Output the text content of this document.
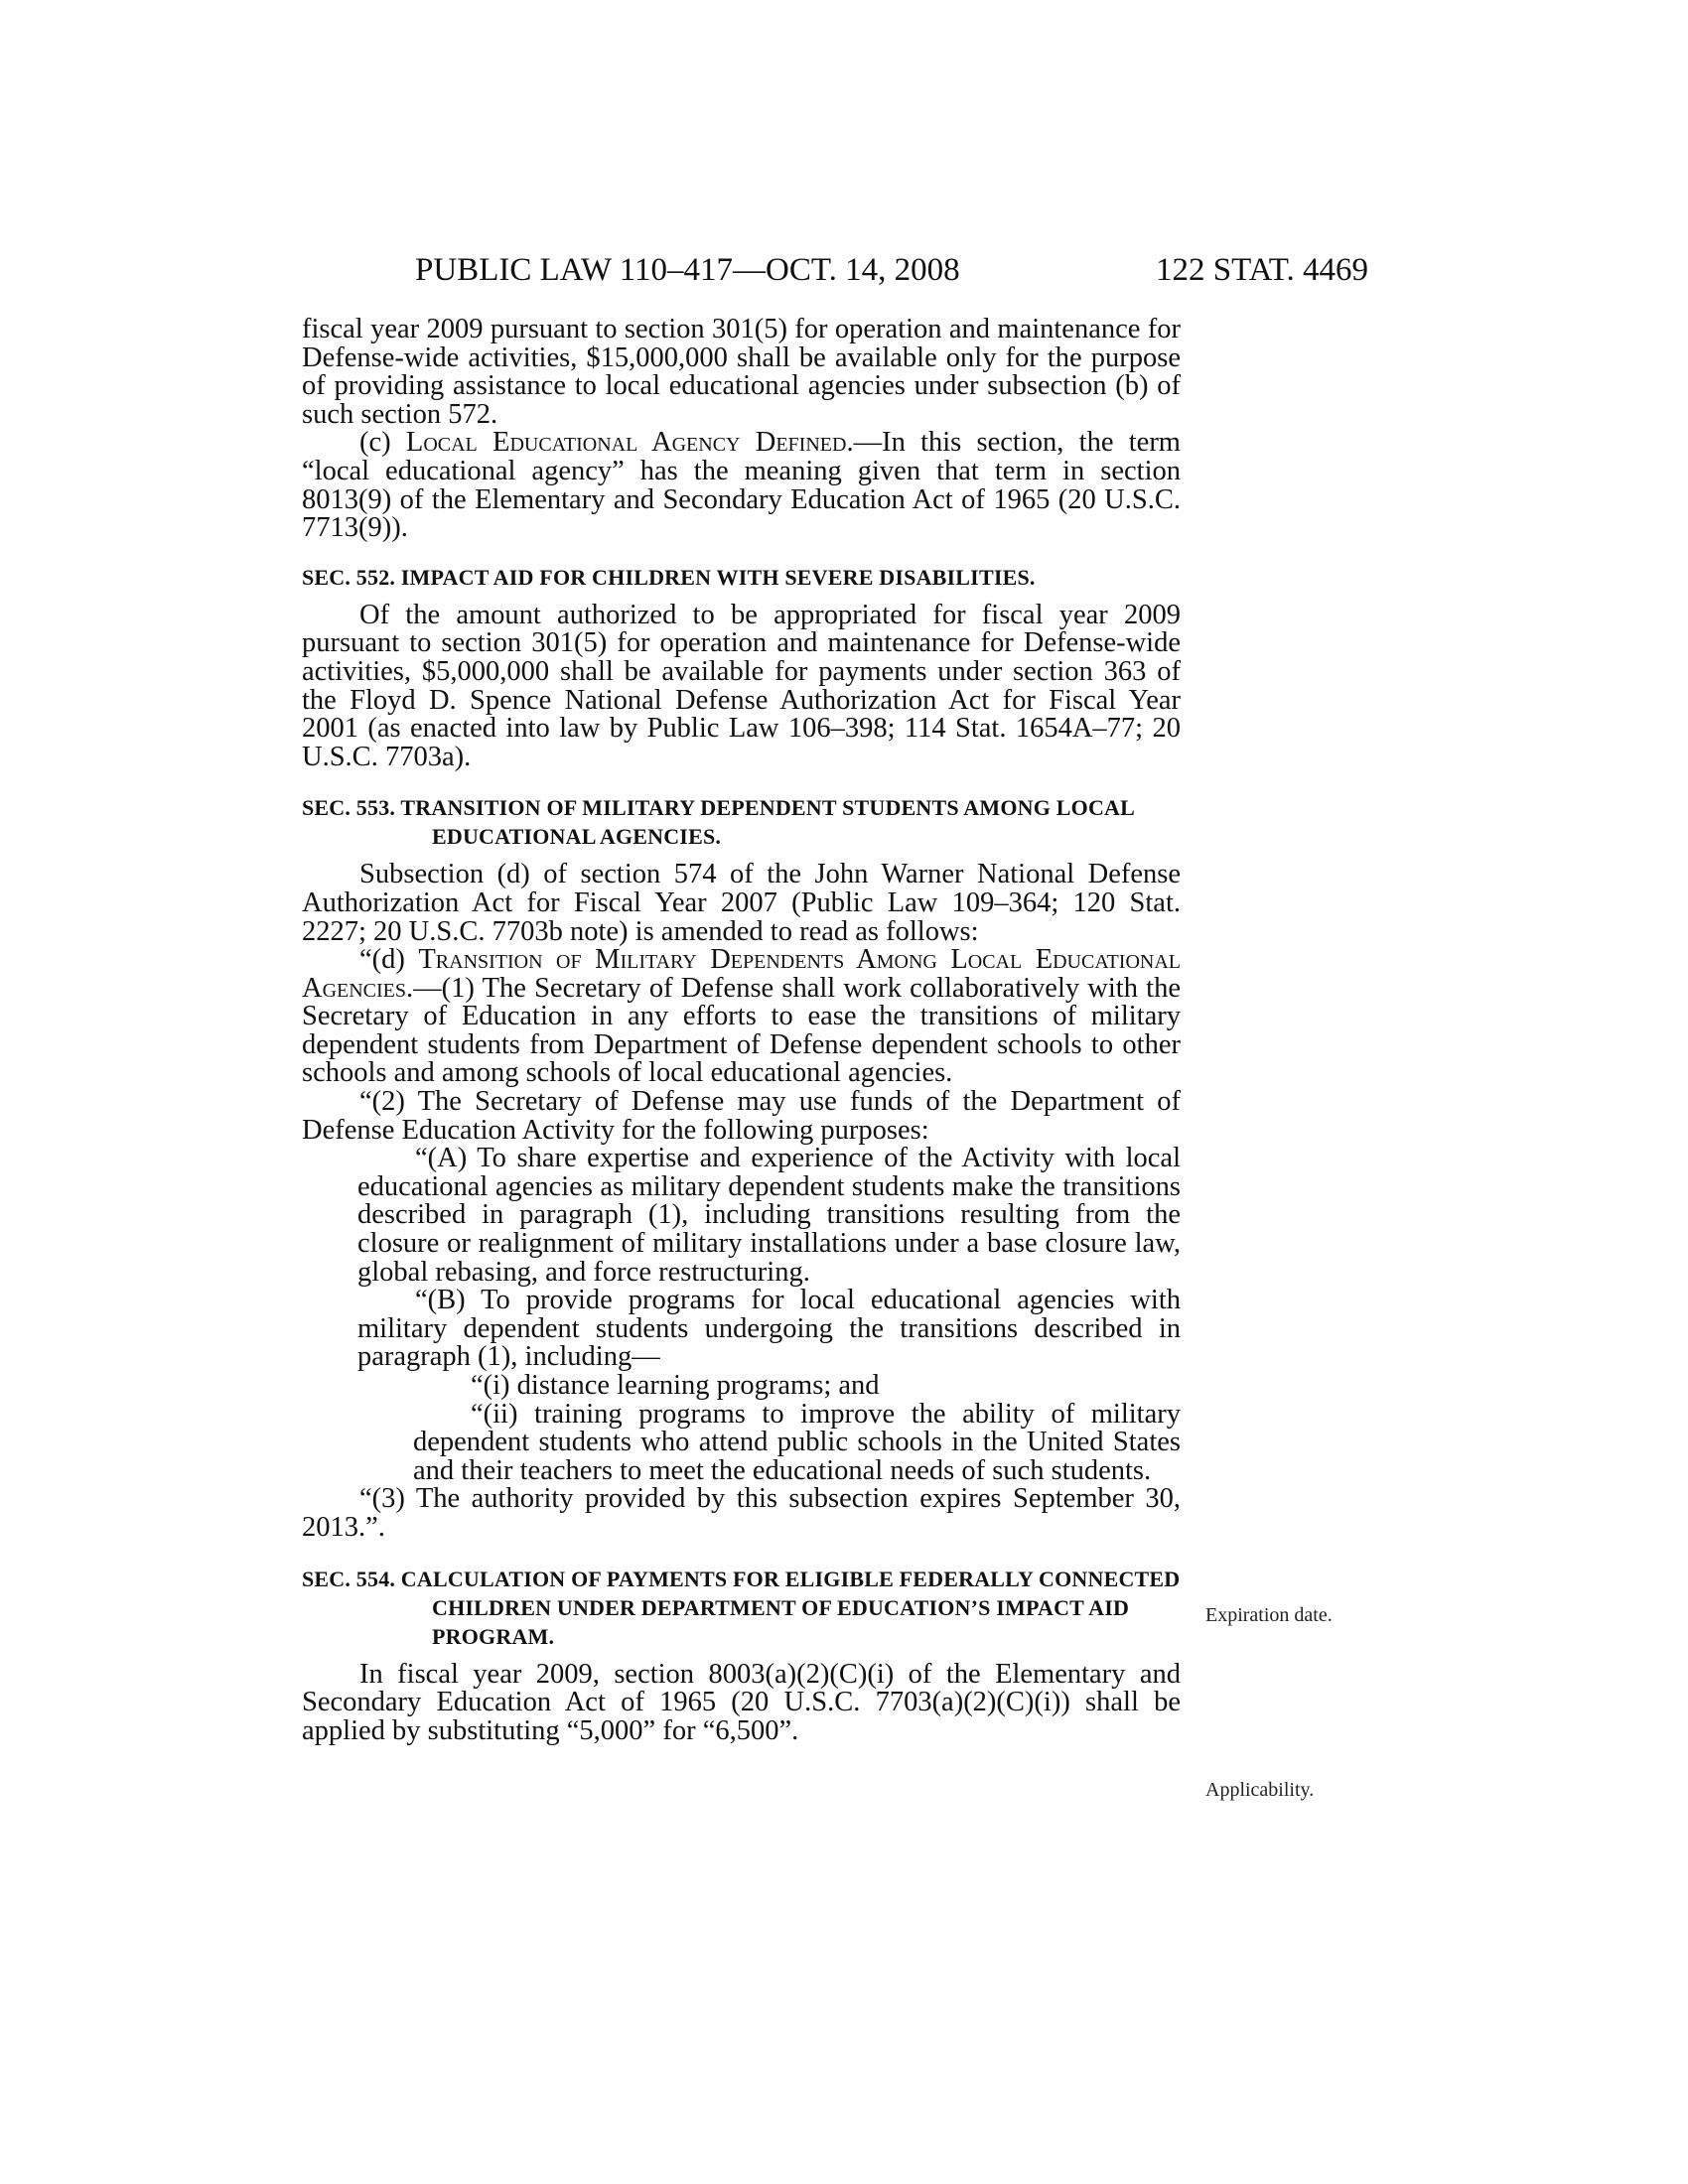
PUBLIC LAW 110–417—OCT. 14, 2008	122 STAT. 4469

fiscal year 2009 pursuant to section 301(5) for operation and maintenance for Defense-wide activities, $15,000,000 shall be available only for the purpose of providing assistance to local educational agencies under subsection (b) of such section 572.

(c) Local Educational Agency Defined.—In this section, the term “local educational agency” has the meaning given that term in section 8013(9) of the Elementary and Secondary Education Act of 1965 (20 U.S.C. 7713(9)).

SEC. 552. IMPACT AID FOR CHILDREN WITH SEVERE DISABILITIES.

Of the amount authorized to be appropriated for fiscal year 2009 pursuant to section 301(5) for operation and maintenance for Defense-wide activities, $5,000,000 shall be available for payments under section 363 of the Floyd D. Spence National Defense Authorization Act for Fiscal Year 2001 (as enacted into law by Public Law 106–398; 114 Stat. 1654A–77; 20 U.S.C. 7703a).

SEC. 553. TRANSITION OF MILITARY DEPENDENT STUDENTS AMONG LOCAL EDUCATIONAL AGENCIES.

Subsection (d) of section 574 of the John Warner National Defense Authorization Act for Fiscal Year 2007 (Public Law 109–364; 120 Stat. 2227; 20 U.S.C. 7703b note) is amended to read as follows:

“(d) Transition of Military Dependents Among Local Educational Agencies.—(1) The Secretary of Defense shall work collaboratively with the Secretary of Education in any efforts to ease the transitions of military dependent students from Department of Defense dependent schools to other schools and among schools of local educational agencies.

“(2) The Secretary of Defense may use funds of the Department of Defense Education Activity for the following purposes:

“(A) To share expertise and experience of the Activity with local educational agencies as military dependent students make the transitions described in paragraph (1), including transitions resulting from the closure or realignment of military installations under a base closure law, global rebasing, and force restructuring.

“(B) To provide programs for local educational agencies with military dependent students undergoing the transitions described in paragraph (1), including—

“(i) distance learning programs; and

“(ii) training programs to improve the ability of military dependent students who attend public schools in the United States and their teachers to meet the educational needs of such students.

“(3) The authority provided by this subsection expires September 30, 2013.”.

SEC. 554. CALCULATION OF PAYMENTS FOR ELIGIBLE FEDERALLY CONNECTED CHILDREN UNDER DEPARTMENT OF EDUCATION’S IMPACT AID PROGRAM.

In fiscal year 2009, section 8003(a)(2)(C)(i) of the Elementary and Secondary Education Act of 1965 (20 U.S.C. 7703(a)(2)(C)(i)) shall be applied by substituting “5,000” for “6,500”.

Expiration date.
Applicability.
